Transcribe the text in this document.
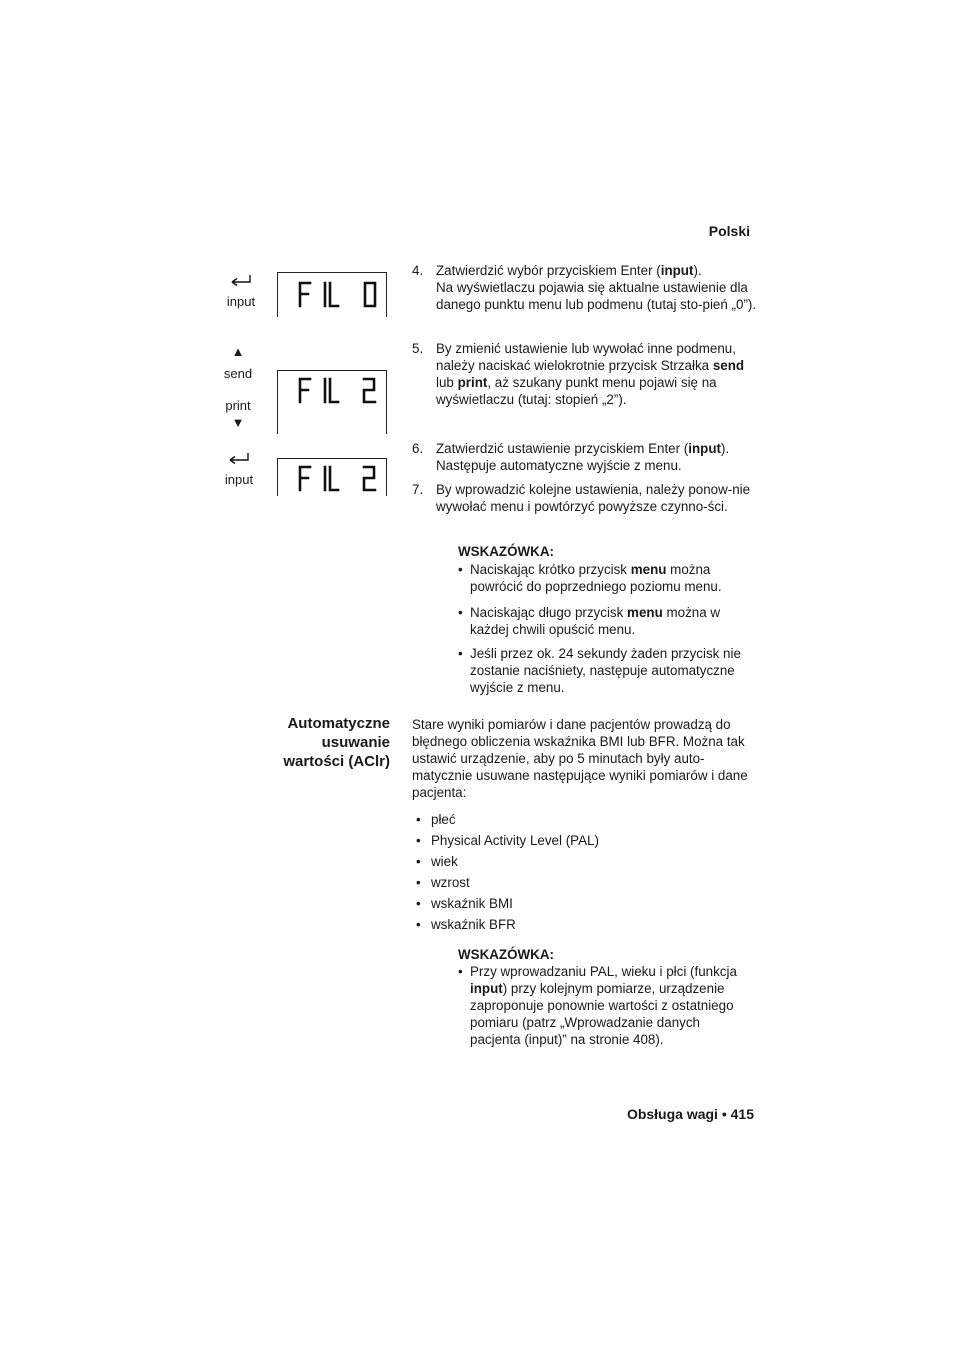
Polski
input
▲
send
print
▼
input
4. Zatwierdzić wybór przyciskiem Enter (input).
Na wyświetlaczu pojawia się aktualne ustawienie dla danego punktu menu lub podmenu (tutaj sto-pień „0”).
5. By zmienić ustawienie lub wywołać inne podmenu, należy naciskać wielokrotnie przycisk Strzałka send lub print, aż szukany punkt menu pojawi się na wyświetlaczu (tutaj: stopień „2”).
6. Zatwierdzić ustawienie przyciskiem Enter (input).
Następuje automatyczne wyjście z menu.
7. By wprowadzić kolejne ustawienia, należy ponow-nie wywołać menu i powtórzyć powyższe czynno-ści.
WSKAZÓWKA:
• Naciskając krótko przycisk menu można powrócić do poprzedniego poziomu menu.
• Naciskając długo przycisk menu można w każdej chwili opuścić menu.
• Jeśli przez ok. 24 sekundy żaden przycisk nie zostanie naciśniety, następuje automatyczne wyjście z menu.
Automatyczne
usuwanie
wartości (AClr)
Stare wyniki pomiarów i dane pacjentów prowadzą do błędnego obliczenia wskaźnika BMI lub BFR. Można tak ustawić urządzenie, aby po 5 minutach były auto-matycznie usuwane następujące wyniki pomiarów i dane pacjenta:
• płeć
• Physical Activity Level (PAL)
• wiek
• wzrost
• wskaźnik BMI
• wskaźnik BFR
WSKAZÓWKA:
• Przy wprowadzaniu PAL, wieku i płci (funkcja input) przy kolejnym pomiarze, urządzenie zaproponuje ponownie wartości z ostatniego pomiaru (patrz „Wprowadzanie danych pacjenta (input)” na stronie 408).
Obsługa wagi • 415
